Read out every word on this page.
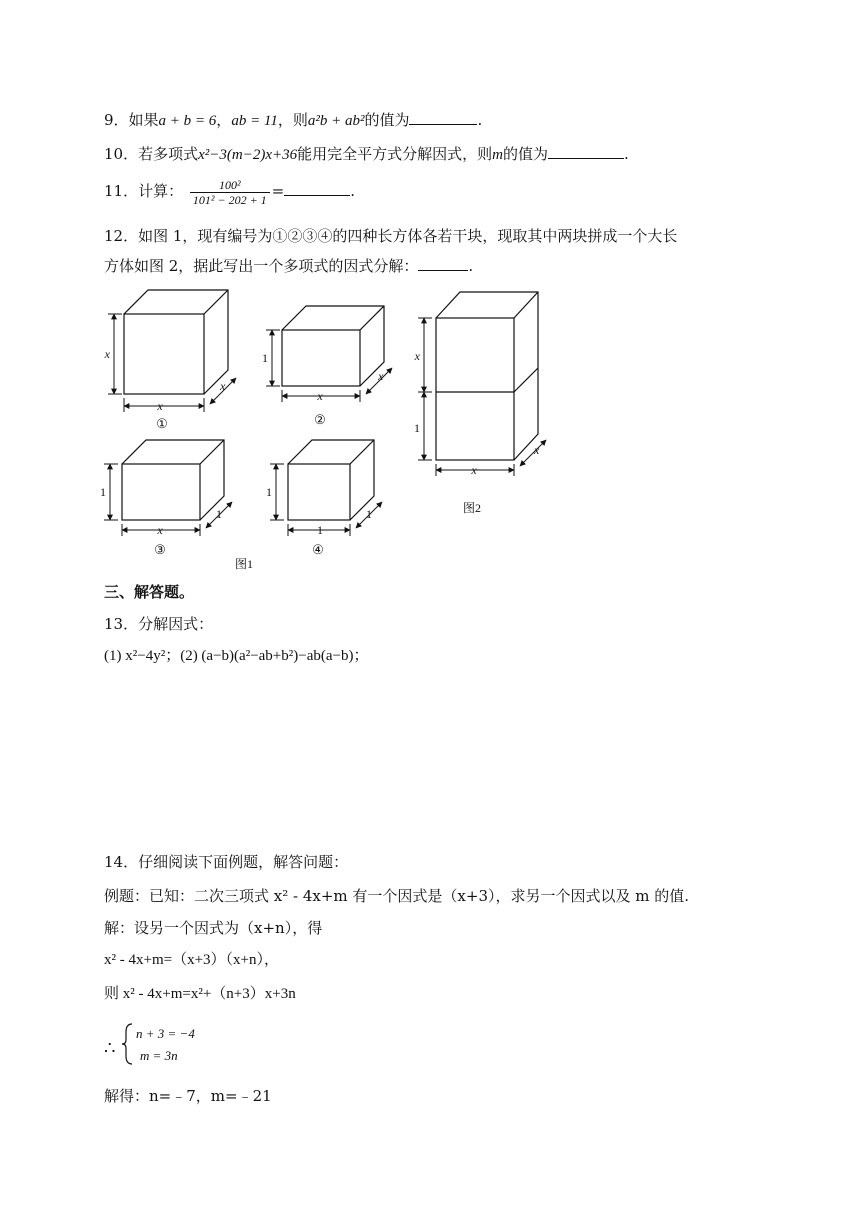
9．如果a + b = 6，ab = 11，则a²b + ab²的值为	.
10．若多项式x²−3(m−2)x+36能用完全平方式分解因式，则m的值为	.
11．计算： $\frac{\text{100²}}{\text{101² − 202 + 1}}$ =	.
12．如图 1，现有编号为①②③④的四种长方体各若干块，现取其中两块拼成一个大长
方体如图 2，据此写出一个多项式的因式分解：	.
x
x
x
x
x
x
x
x
x
1
1
1
1
1
1
1
①	②
③	④
图1
图2
三、解答题。
13．分解因式：
(1) x²−4y²；(2) (a−b)(a²−ab+b²)−ab(a−b)；
14．仔细阅读下面例题，解答问题：
例题：已知：二次三项式 x² - 4x+m 有一个因式是（x+3），求另一个因式以及 m 的值.
解：设另一个因式为（x+n），得
x² - 4x+m=（x+3）（x+n），
则 x² - 4x+m=x²+（n+3）x+3n
∴
n + 3 = −4
m = 3n
解得：n=﹣7，m=﹣21
